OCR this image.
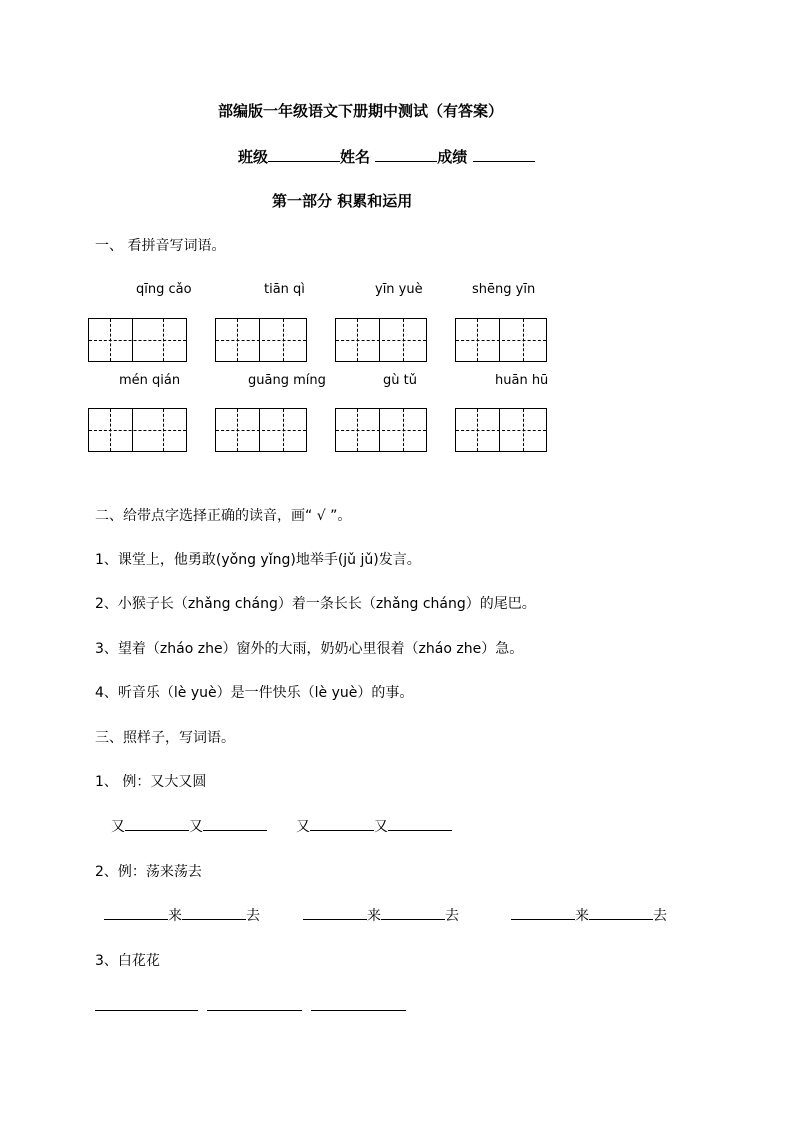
部编版一年级语文下册期中测试（有答案）
班级	姓名	成绩
第一部分 积累和运用
一、 看拼音写词语。
qīng cǎo	tiān qì	yīn yuè	shēng yīn
mén qián	guāng míng	gù tǔ	huān hū
二、给带点字选择正确的读音，画“ √ ”。
1、课堂上，他勇敢(yǒng yǐng)地举手(jǔ jǔ)发言。
2、小猴子长（zhǎng cháng）着一条长长（zhǎng cháng）的尾巴。
3、望着（zháo zhe）窗外的大雨，奶奶心里很着（zháo zhe）急。
4、听音乐（lè yuè）是一件快乐（lè yuè）的事。
三、照样子，写词语。
1、 例：又大又圆
又	又	又	又
2、例：荡来荡去
来	去	来	去	来	去
3、白花花
